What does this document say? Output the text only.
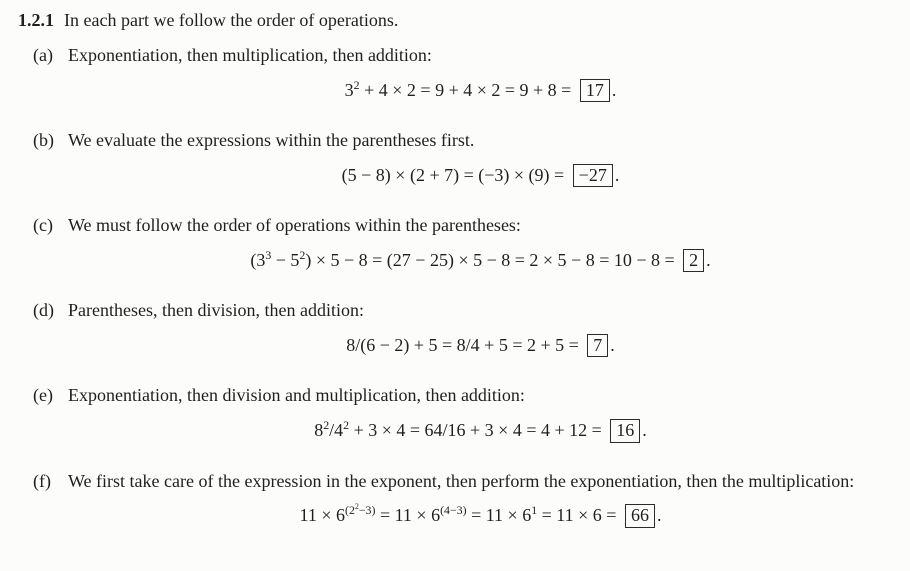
1.2.1 In each part we follow the order of operations.
(a) Exponentiation, then multiplication, then addition:
$3^2 + 4 \times 2 = 9 + 4 \times 2 = 9 + 8 = 17$ .
(b) We evaluate the expressions within the parentheses first.
(5 − 8) × (2 + 7) = (−3) × (9) = −27 .
(c) We must follow the order of operations within the parentheses:
$(3^3 - 5^2) \times 5 - 8 = (27 - 25) \times 5 - 8 = 2 \times 5 - 8 = 10 - 8 = 2$ .
(d) Parentheses, then division, then addition:
8/(6 − 2) + 5 = 8/4 + 5 = 2 + 5 = 7 .
(e) Exponentiation, then division and multiplication, then addition:
$8^2/4^2 + 3 \times 4 = 64/16 + 3 \times 4 = 4 + 12 = 16$ .
(f) We first take care of the expression in the exponent, then perform the exponentiation, then the multiplication:
$11 \times 6^{(2^2-3)} = 11 \times 6^{(4-3)} = 11 \times 6^1 = 11 \times 6 = 66$ .
